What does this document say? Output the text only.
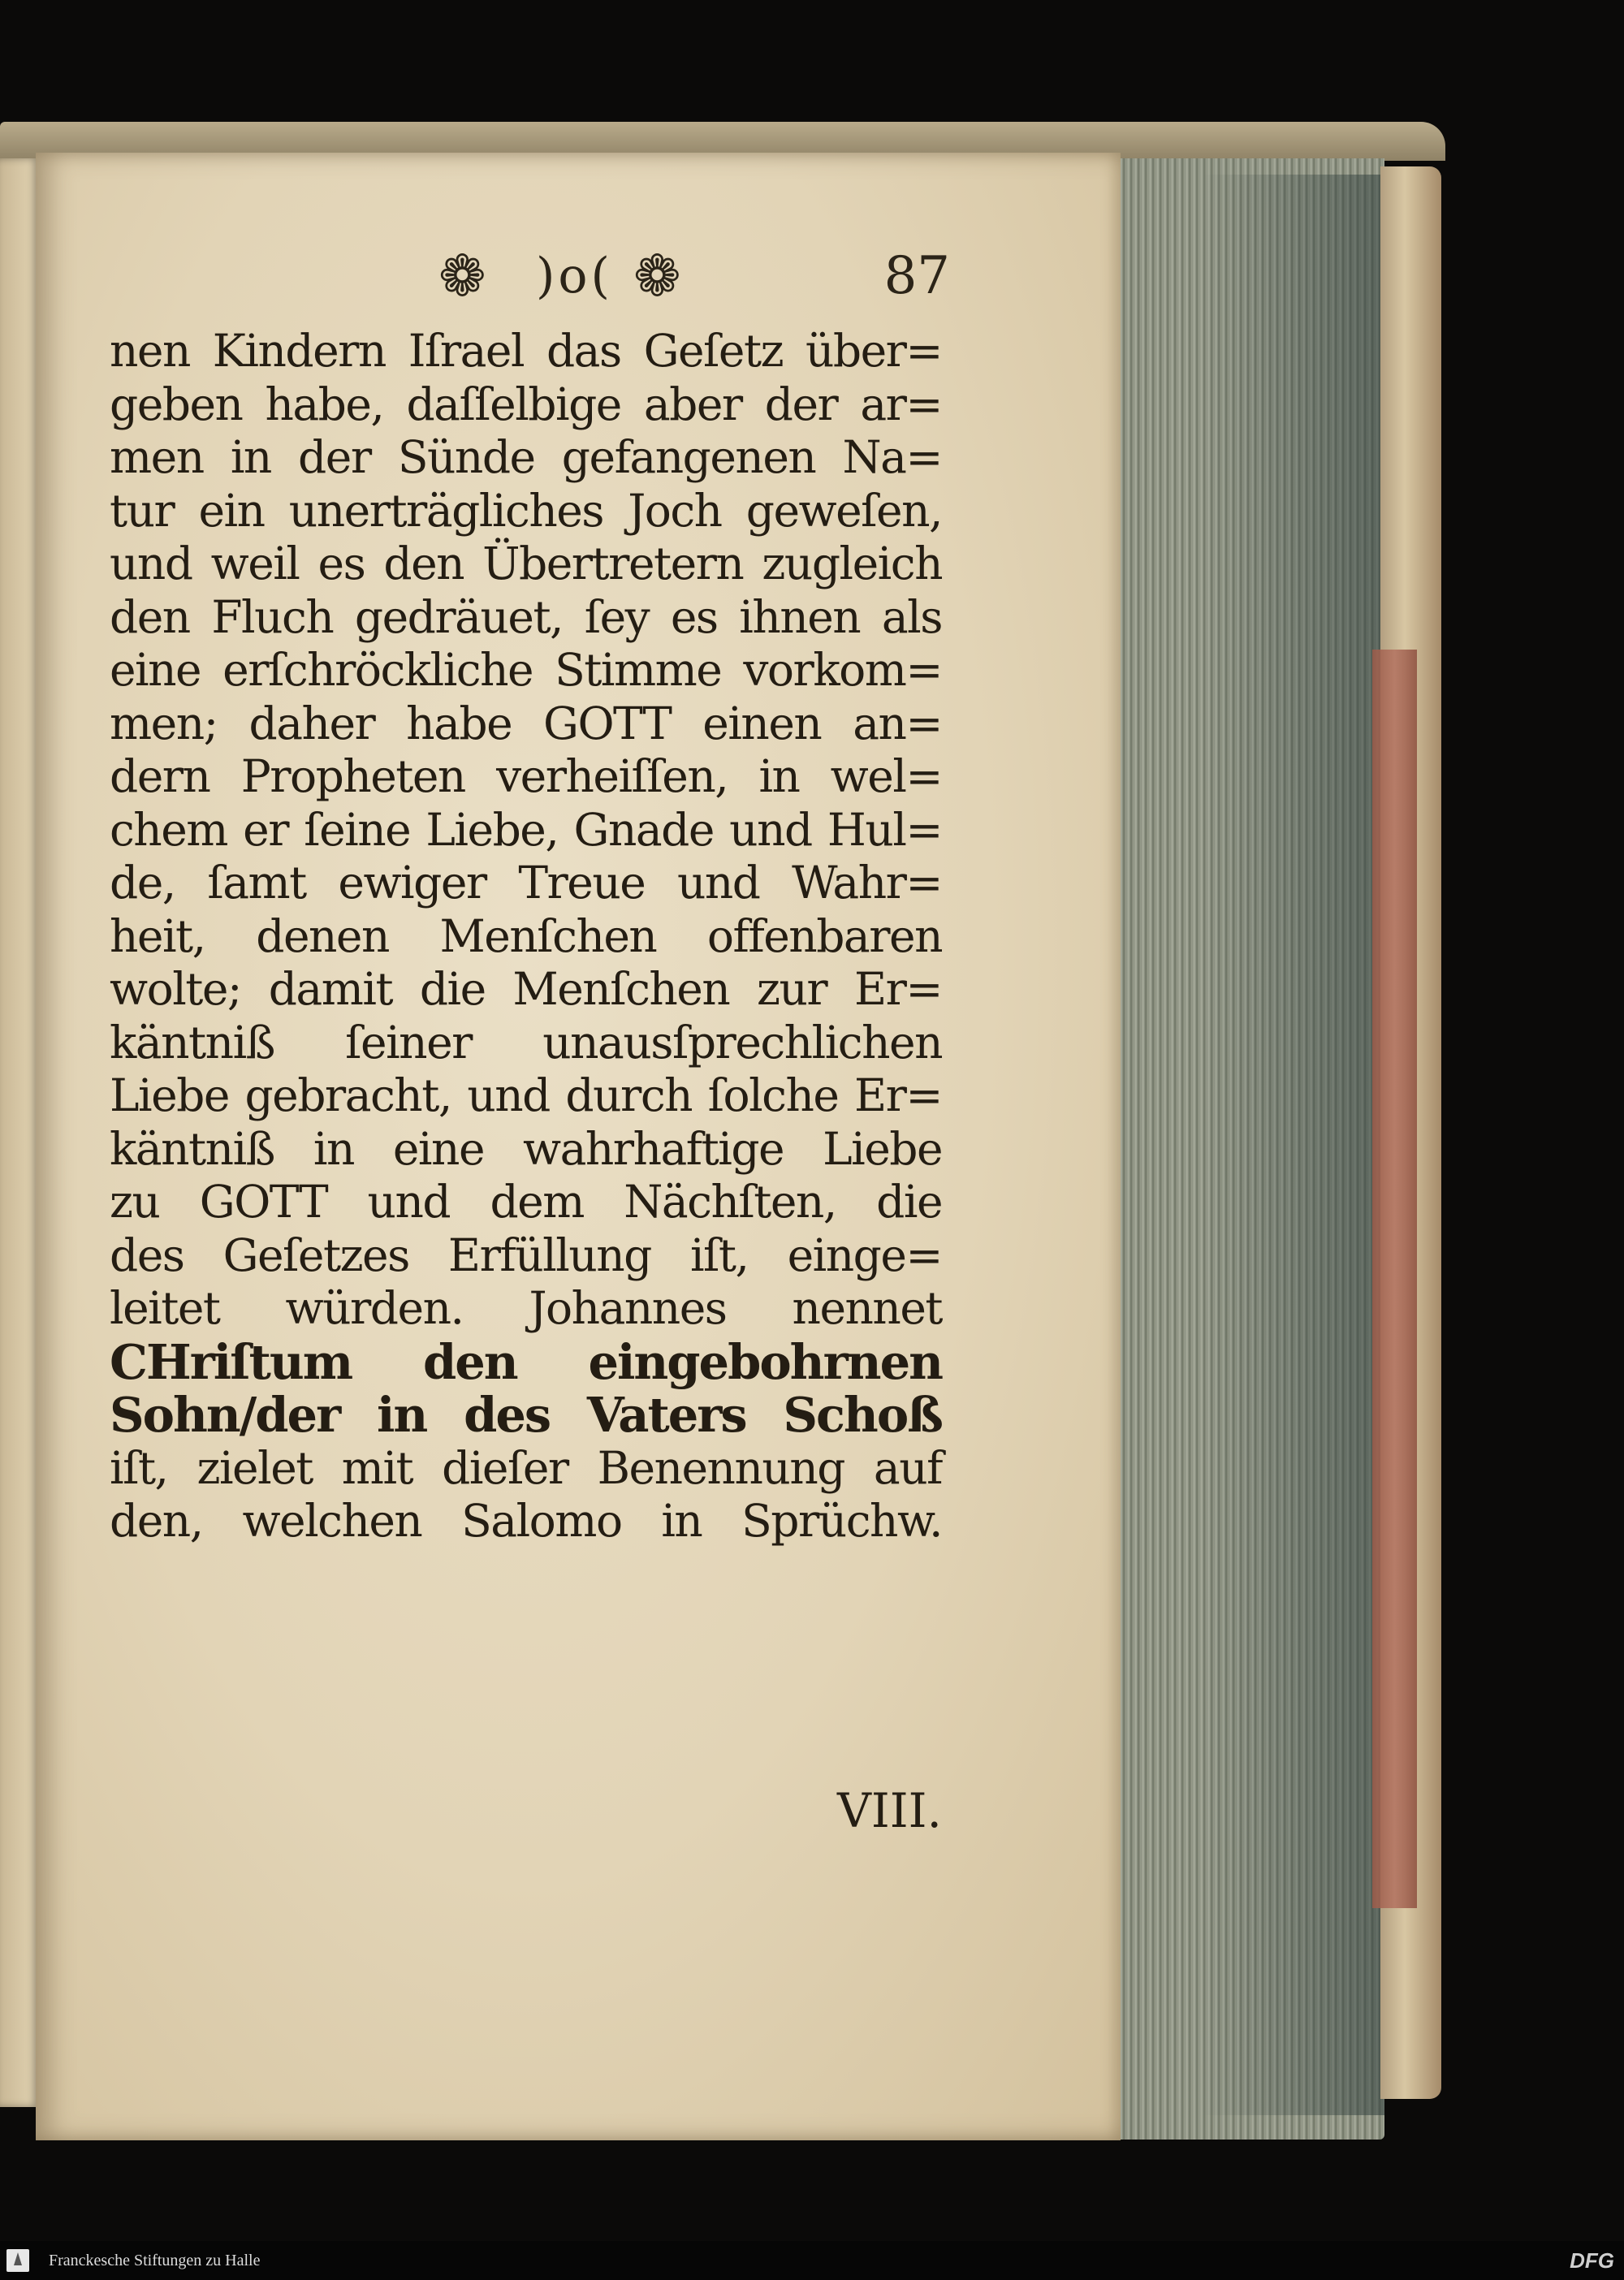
❁ )o( ❁	87
nen Kindern Iſrael das Geſetz über=
geben habe, daſſelbige aber der ar=
men in der Sünde gefangenen Na=
tur ein unerträgliches Joch geweſen,
und weil es den Übertretern zugleich
den Fluch gedräuet, ſey es ihnen als
eine erſchröckliche Stimme vorkom=
men; daher habe GOTT einen an=
dern Propheten verheiſſen, in wel=
chem er ſeine Liebe, Gnade und Hul=
de, ſamt ewiger Treue und Wahr=
heit, denen Menſchen offenbaren
wolte; damit die Menſchen zur Er=
käntniß ſeiner unausſprechlichen
Liebe gebracht, und durch ſolche Er=
käntniß in eine wahrhaftige Liebe
zu GOTT und dem Nächſten, die
des Geſetzes Erfüllung iſt, einge=
leitet würden. Johannes nennet
CHriſtum den eingebohrnen
Sohn/der in des Vaters Schoß
iſt, zielet mit dieſer Benennung auf
den, welchen Salomo in Sprüchw.
VIII.
Franckesche Stiftungen zu Halle	DFG
